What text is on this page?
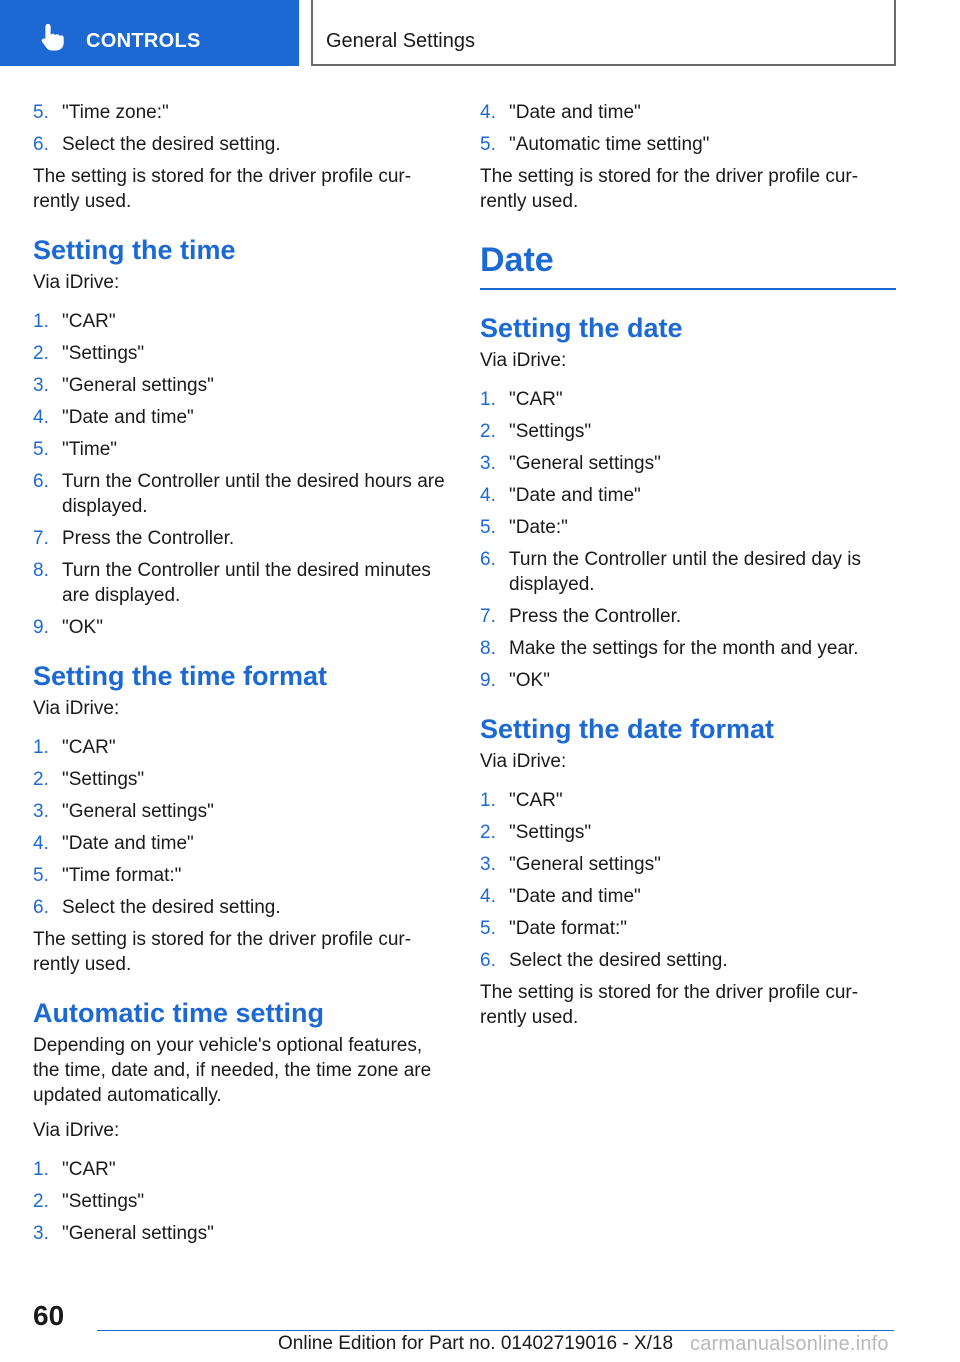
CONTROLS	General Settings
5. "Time zone:"
6. Select the desired setting.

The setting is stored for the driver profile cur-rently used.

Setting the time

Via iDrive:

1. "CAR"
2. "Settings"
3. "General settings"
4. "Date and time"
5. "Time"
6. Turn the Controller until the desired hours are displayed.
7. Press the Controller.
8. Turn the Controller until the desired minutes are displayed.
9. "OK"
Setting the time format

Via iDrive:

1. "CAR"
2. "Settings"
3. "General settings"
4. "Date and time"
5. "Time format:"
6. Select the desired setting.

The setting is stored for the driver profile cur-rently used.

Automatic time setting

Depending on your vehicle's optional features, the time, date and, if needed, the time zone are updated automatically.

Via iDrive:

1. "CAR"
2. "Settings"
3. "General settings"
4. "Date and time"
5. "Automatic time setting"

The setting is stored for the driver profile cur-rently used.

Date
Setting the date

Via iDrive:

1. "CAR"
2. "Settings"
3. "General settings"
4. "Date and time"
5. "Date:"
6. Turn the Controller until the desired day is displayed.
7. Press the Controller.
8. Make the settings for the month and year.
9. "OK"
Setting the date format

Via iDrive:

1. "CAR"
2. "Settings"
3. "General settings"
4. "Date and time"
5. "Date format:"
6. Select the desired setting.

The setting is stored for the driver profile cur-rently used.

60
Online Edition for Part no. 01402719016 - X/18 carmanualsonline.info
